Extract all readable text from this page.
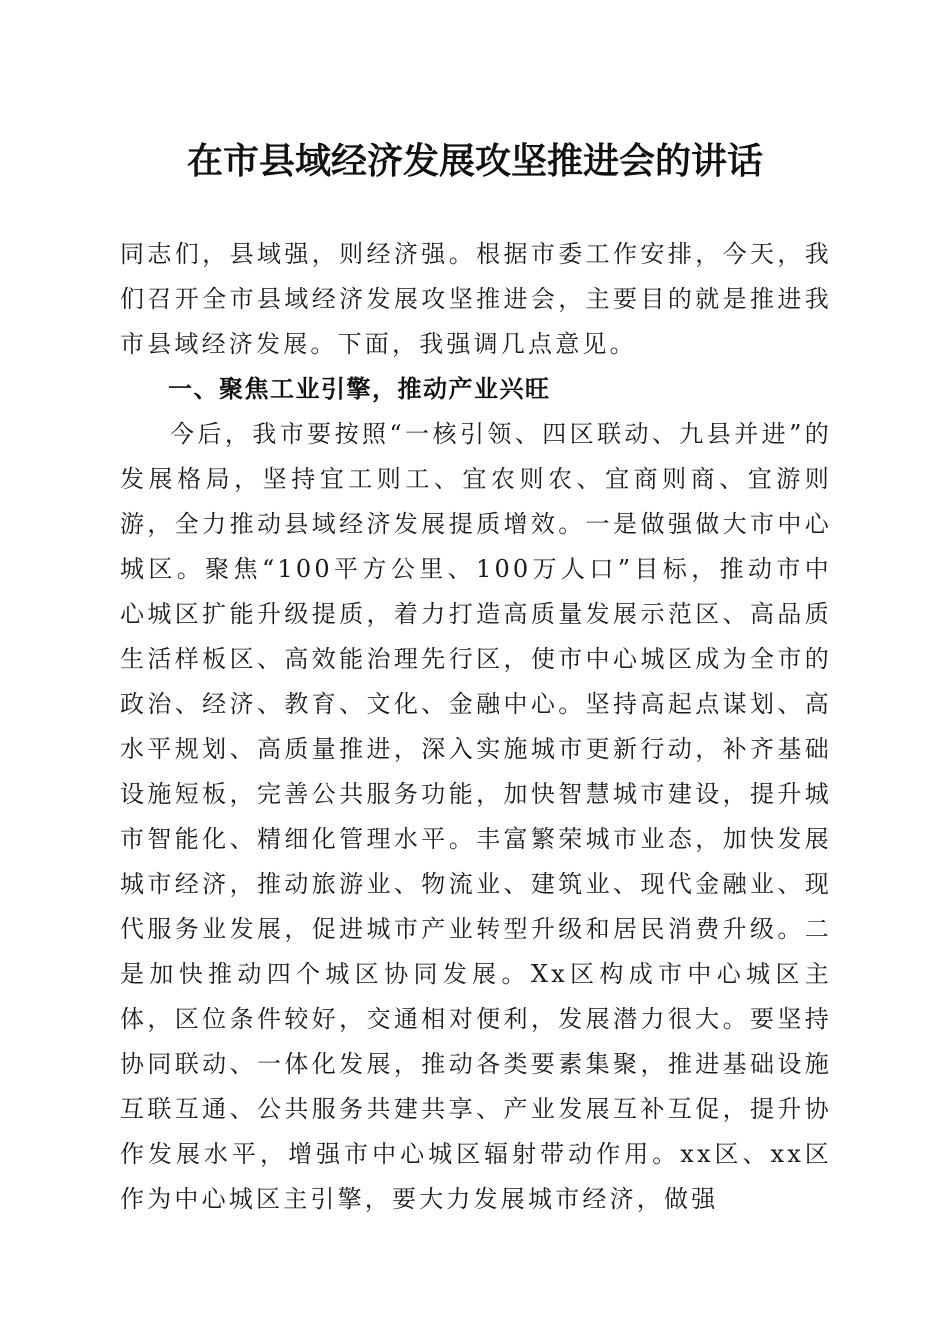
在市县域经济发展攻坚推进会的讲话

同志们，县域强，则经济强。根据市委工作安排，今天，我们召开全市县域经济发展攻坚推进会，主要目的就是推进我市县域经济发展。下面，我强调几点意见。

一、聚焦工业引擎，推动产业兴旺

今后，我市要按照“一核引领、四区联动、九县并进”的发展格局，坚持宜工则工、宜农则农、宜商则商、宜游则游，全力推动县域经济发展提质增效。一是做强做大市中心城区。聚焦“100平方公里、100万人口”目标，推动市中心城区扩能升级提质，着力打造高质量发展示范区、高品质生活样板区、高效能治理先行区，使市中心城区成为全市的政治、经济、教育、文化、金融中心。坚持高起点谋划、高水平规划、高质量推进，深入实施城市更新行动，补齐基础设施短板，完善公共服务功能，加快智慧城市建设，提升城市智能化、精细化管理水平。丰富繁荣城市业态，加快发展城市经济，推动旅游业、物流业、建筑业、现代金融业、现代服务业发展，促进城市产业转型升级和居民消费升级。二是加快推动四个城区协同发展。Xx区构成市中心城区主体，区位条件较好，交通相对便利，发展潜力很大。要坚持协同联动、一体化发展，推动各类要素集聚，推进基础设施互联互通、公共服务共建共享、产业发展互补互促，提升协作发展水平，增强市中心城区辐射带动作用。xx区、xx区作为中心城区主引擎，要大力发展城市经济，做强
